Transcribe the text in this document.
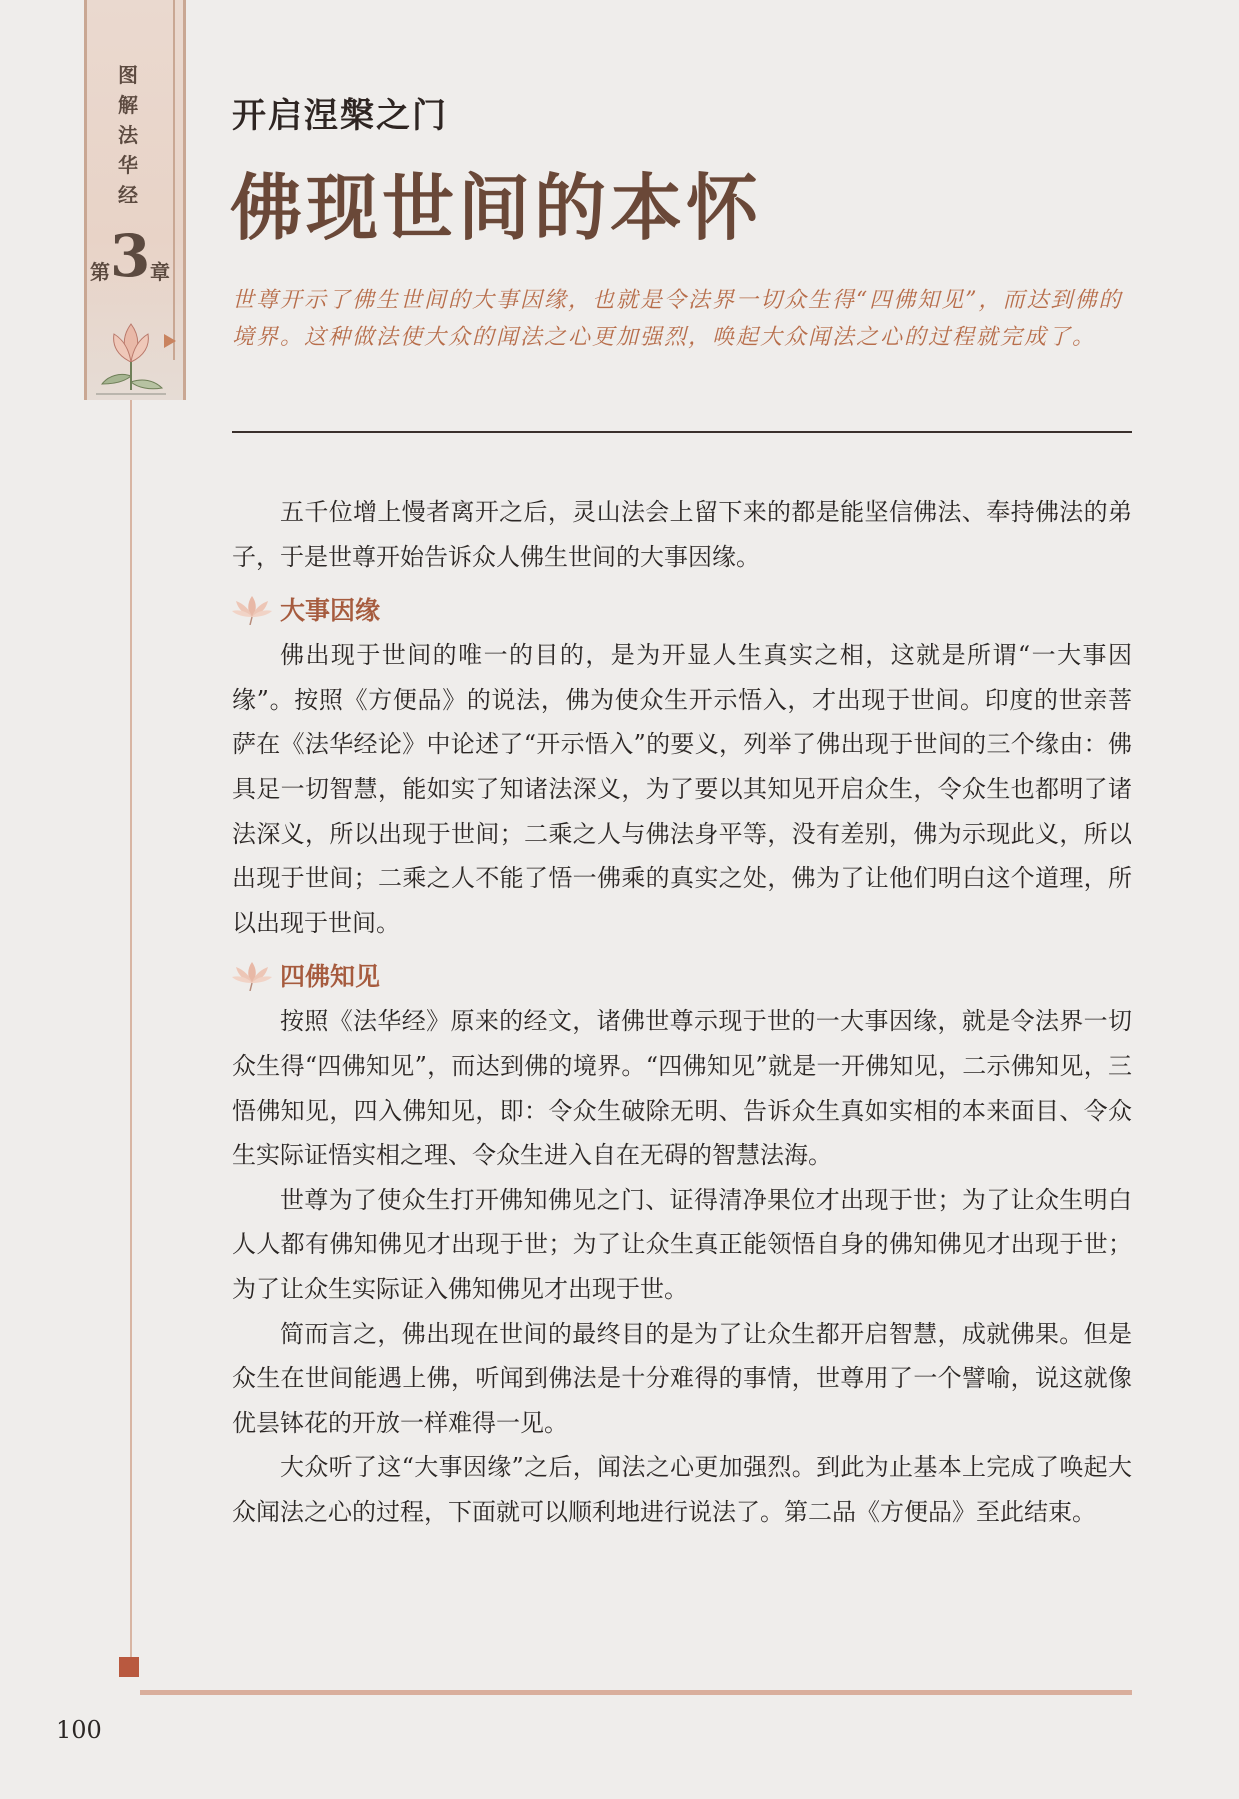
图
解
法
华
经
第 3 章
开启涅槃之门
佛现世间的本怀
世尊开示了佛生世间的大事因缘，也就是令法界一切众生得“四佛知见”，而达到佛的境界。这种做法使大众的闻法之心更加强烈，唤起大众闻法之心的过程就完成了。

五千位增上慢者离开之后，灵山法会上留下来的都是能坚信佛法、奉持佛法的弟子，于是世尊开始告诉众人佛生世间的大事因缘。

大事因缘

佛出现于世间的唯一的目的，是为开显人生真实之相，这就是所谓“一大事因缘”。按照《方便品》的说法，佛为使众生开示悟入，才出现于世间。印度的世亲菩萨在《法华经论》中论述了“开示悟入”的要义，列举了佛出现于世间的三个缘由：佛具足一切智慧，能如实了知诸法深义，为了要以其知见开启众生，令众生也都明了诸法深义，所以出现于世间；二乘之人与佛法身平等，没有差别，佛为示现此义，所以出现于世间；二乘之人不能了悟一佛乘的真实之处，佛为了让他们明白这个道理，所以出现于世间。

四佛知见

按照《法华经》原来的经文，诸佛世尊示现于世的一大事因缘，就是令法界一切众生得“四佛知见”，而达到佛的境界。“四佛知见”就是一开佛知见，二示佛知见，三悟佛知见，四入佛知见，即：令众生破除无明、告诉众生真如实相的本来面目、令众生实际证悟实相之理、令众生进入自在无碍的智慧法海。

世尊为了使众生打开佛知佛见之门、证得清净果位才出现于世；为了让众生明白人人都有佛知佛见才出现于世；为了让众生真正能领悟自身的佛知佛见才出现于世；为了让众生实际证入佛知佛见才出现于世。

简而言之，佛出现在世间的最终目的是为了让众生都开启智慧，成就佛果。但是众生在世间能遇上佛，听闻到佛法是十分难得的事情，世尊用了一个譬喻，说这就像优昙钵花的开放一样难得一见。

大众听了这“大事因缘”之后，闻法之心更加强烈。到此为止基本上完成了唤起大众闻法之心的过程，下面就可以顺利地进行说法了。第二品《方便品》至此结束。

100
